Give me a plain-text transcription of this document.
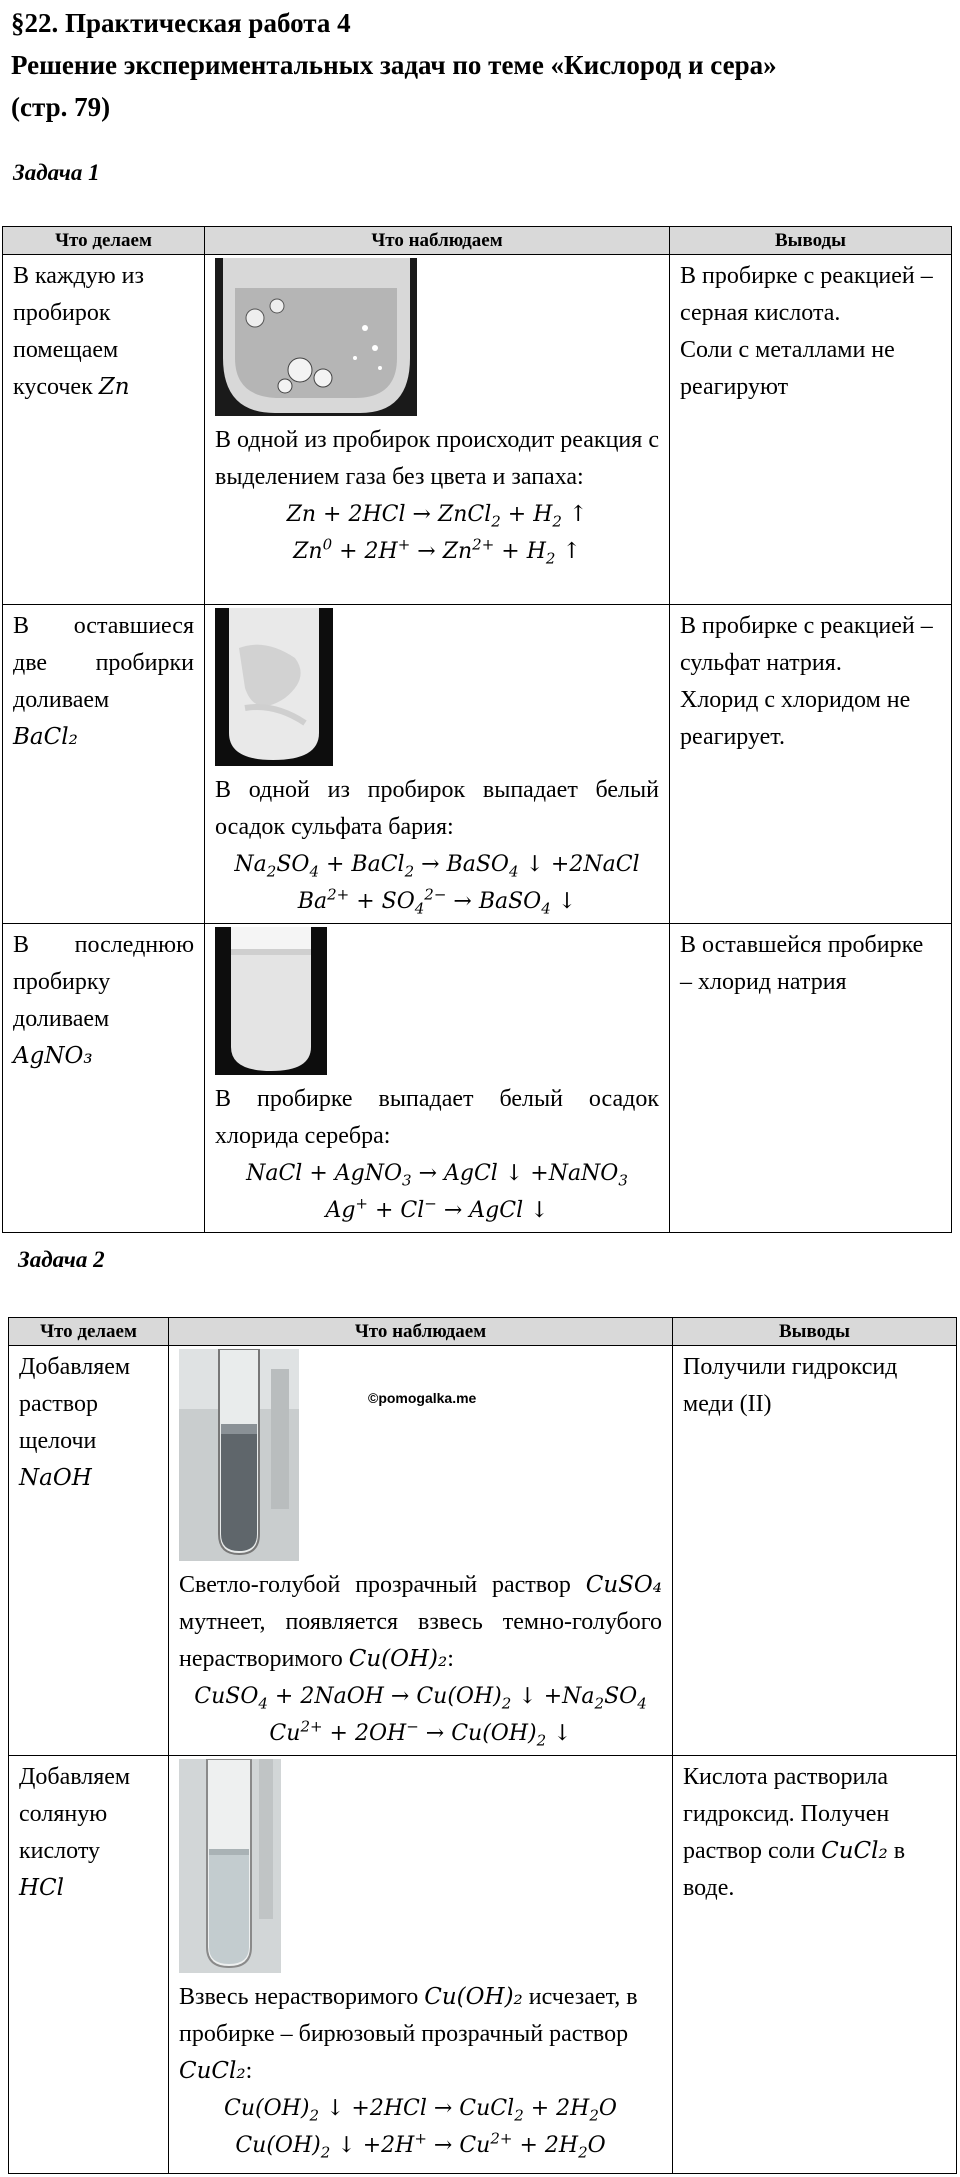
§22. Практическая работа 4
Решение экспериментальных задач по теме «Кислород и сера»
(стр. 79)

Задача 1

Что делаем	Что наблюдаем	Выводы
В каждую из пробирок помещаем кусочек Zn	В одной из пробирок происходит реакция с выделением газа без цвета и запаха:
Zn + 2HCl → ZnCl$_2$ + $H_2$ ↑
$Zn^0 + 2H^+ \to Zn^{2+} + H_2$ ↑	В пробирке с реакцией – серная кислота.
Соли с металлами не реагируют

В оставшиеся две пробирки доливаем
BaCl₂	В одной из пробирок выпадает белый осадок сульфата бария:
$Na_2SO_4$ + BaCl$_2$ → BaSO$_4$ ↓ +2NaCl
$Ba^{2+} + SO_4^{2-}$ → BaSO$_4$ ↓	В пробирке с реакцией – сульфат натрия.
Хлорид с хлоридом не реагирует.

В последнюю пробирку доливаем
AgNO₃	В пробирке выпадает белый осадок хлорида серебра:
NaCl + AgNO$_3$ → AgCl ↓ +NaNO$_3$
Ag+ + Cl− → AgCl ↓	В оставшейся пробирке – хлорид натрия

Задача 2

Что делаем	Что наблюдаем	Выводы
Добавляем раствор щелочи
NaOH	Светло-голубой прозрачный раствор CuSO₄ мутнеет, появляется взвесь темно-голубого нерастворимого Cu(OH)₂:
CuSO$_4$ + 2NaOH → $Cu(OH)_2$ ↓ $+Na_2SO_4$
$Cu^{2+} + 2OH^- \to Cu(OH)_2$ ↓	Получили гидроксид меди (II)

Добавляем соляную кислоту
HCl	Взвесь нерастворимого Cu(OH)₂ исчезает, в пробирке – бирюзовый прозрачный раствор CuCl₂:
$Cu(OH)_2$ ↓ +2HCl → CuCl$_2$ + $2H_2O$
$Cu(OH)_2$ ↓ $+2H^+ \to Cu^{2+} + 2H_2O$	Кислота растворила гидроксид. Получен раствор соли CuCl₂ в воде.
©pomogalka.me
